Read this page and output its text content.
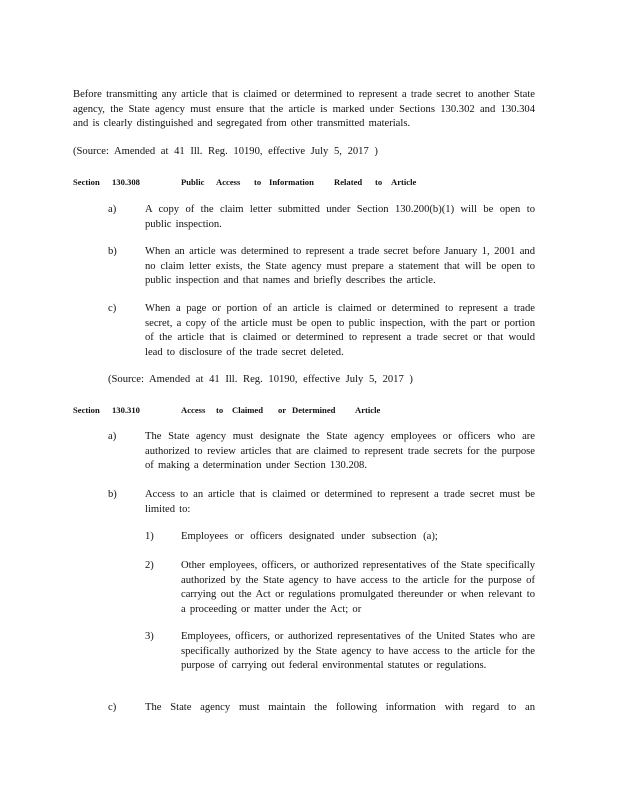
Before transmitting any article that is claimed or determined to represent a trade secret to another State agency, the State agency must ensure that the article is marked under Sections 130.302 and 130.304 and is clearly distinguished and segregated from other transmitted materials.

(Source: Amended at 41 Ill. Reg. 10190, effective July 5, 2017 )

Section 130.308	Public Access to Information Related to Article
a)	A copy of the claim letter submitted under Section 130.200(b)(1) will be open to public inspection.

b)	When an article was determined to represent a trade secret before January 1, 2001 and no claim letter exists, the State agency must prepare a statement that will be open to public inspection and that names and briefly describes the article.

c)	When a page or portion of an article is claimed or determined to represent a trade secret, a copy of the article must be open to public inspection, with the part or portion of the article that is claimed or determined to represent a trade secret or that would lead to disclosure of the trade secret deleted.

(Source: Amended at 41 Ill. Reg. 10190, effective July 5, 2017 )

Section 130.310	Access to Claimed or Determined Article
a)	The State agency must designate the State agency employees or officers who are authorized to review articles that are claimed to represent trade secrets for the purpose of making a determination under Section 130.208.

b)	Access to an article that is claimed or determined to represent a trade secret must be limited to:

1)	Employees or officers designated under subsection (a);

2)	Other employees, officers, or authorized representatives of the State specifically authorized by the State agency to have access to the article for the purpose of carrying out the Act or regulations promulgated thereunder or when relevant to a proceeding or matter under the Act; or

3)	Employees, officers, or authorized representatives of the United States who are specifically authorized by the State agency to have access to the article for the purpose of carrying out federal environmental statutes or regulations.

c)	The State agency must maintain the following information with regard to an
